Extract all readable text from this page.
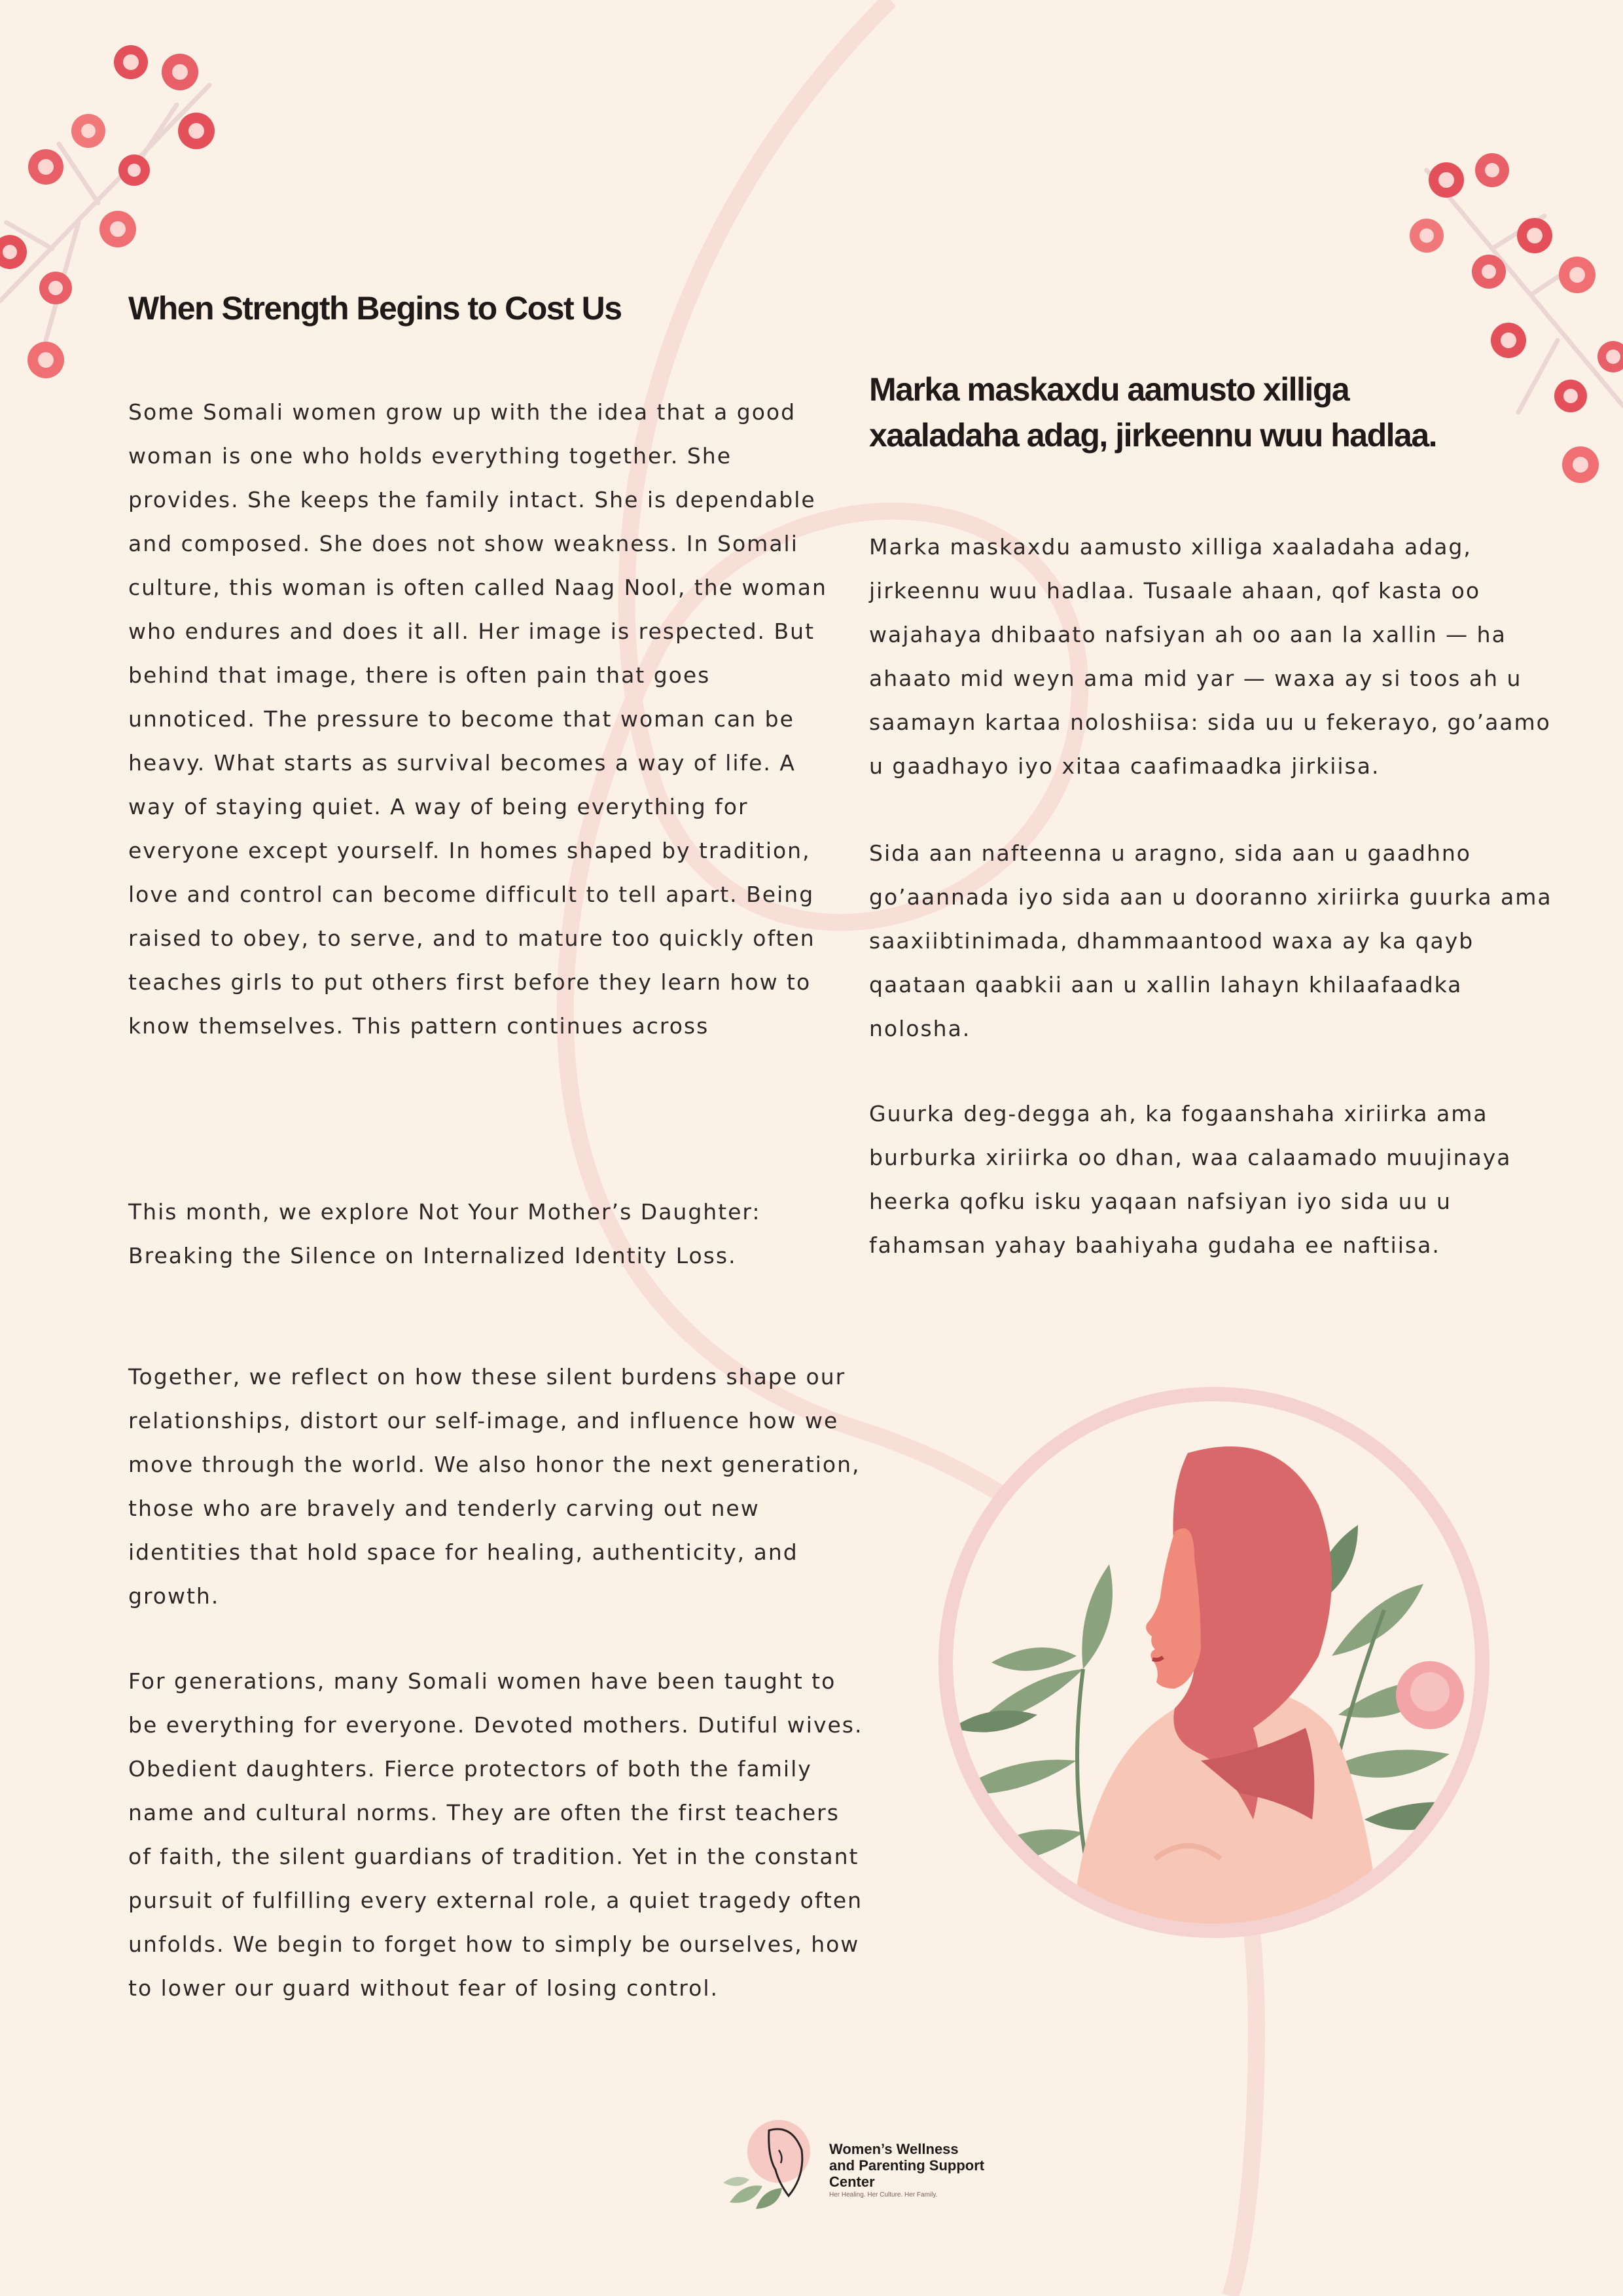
When Strength Begins to Cost Us

Some Somali women grow up with the idea that a good woman is one who holds everything together. She provides. She keeps the family intact. She is dependable and composed. She does not show weakness. In Somali culture, this woman is often called Naag Nool, the woman who endures and does it all. Her image is respected. But behind that image, there is often pain that goes unnoticed. The pressure to become that woman can be heavy. What starts as survival becomes a way of life. A way of staying quiet. A way of being everything for everyone except yourself. In homes shaped by tradition, love and control can become difficult to tell apart. Being raised to obey, to serve, and to mature too quickly often teaches girls to put others first before they learn how to know themselves. This pattern continues across

This month, we explore Not Your Mother’s Daughter: Breaking the Silence on Internalized Identity Loss.

Together, we reflect on how these silent burdens shape our relationships, distort our self-image, and influence how we move through the world. We also honor the next generation, those who are bravely and tenderly carving out new identities that hold space for healing, authenticity, and growth.

For generations, many Somali women have been taught to be everything for everyone. Devoted mothers. Dutiful wives. Obedient daughters. Fierce protectors of both the family name and cultural norms. They are often the first teachers of faith, the silent guardians of tradition. Yet in the constant pursuit of fulfilling every external role, a quiet tragedy often unfolds. We begin to forget how to simply be ourselves, how to lower our guard without fear of losing control.

Marka maskaxdu aamusto xilliga xaaladaha adag, jirkeennu wuu hadlaa.

Marka maskaxdu aamusto xilliga xaaladaha adag, jirkeennu wuu hadlaa. Tusaale ahaan, qof kasta oo wajahaya dhibaato nafsiyan ah oo aan la xallin — ha ahaato mid weyn ama mid yar — waxa ay si toos ah u saamayn kartaa noloshiisa: sida uu u fekerayo, go’aamo u gaadhayo iyo xitaa caafimaadka jirkiisa.

Sida aan nafteenna u aragno, sida aan u gaadhno go’aannada iyo sida aan u dooranno xiriirka guurka ama saaxiibtinimada, dhammaantood waxa ay ka qayb qaataan qaabkii aan u xallin lahayn khilaafaadka nolosha.

Guurka deg-degga ah, ka fogaanshaha xiriirka ama burburka xiriirka oo dhan, waa calaamado muujinaya heerka qofku isku yaqaan nafsiyan iyo sida uu u fahamsan yahay baahiyaha gudaha ee naftiisa.

Women’s Wellness and Parenting Support Center

Her Healing. Her Culture. Her Family.
